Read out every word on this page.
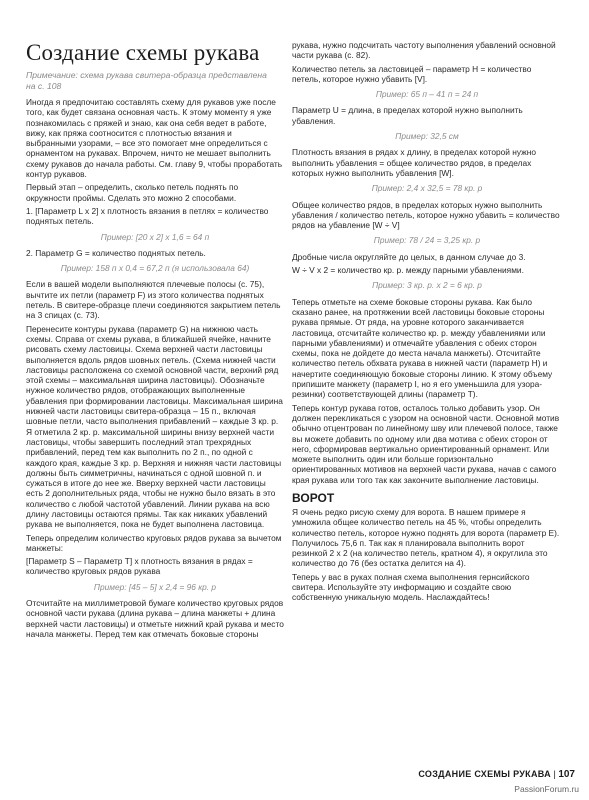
Создание схемы рукава
Примечание: схема рукава свитера-образца представлена на с. 108

Иногда я предпочитаю составлять схему для рукавов уже после того, как будет связана основная часть. К этому моменту я уже познакомилась с пряжей и знаю, как она себя ведет в работе, вижу, как пряжа соотносится с плотностью вязания и выбранными узорами, – все это помогает мне определиться с орнаментом на рукавах. Впрочем, ничто не мешает выполнить схему рукавов до начала работы. См. главу 9, чтобы проработать контур рукавов.

Первый этап – определить, сколько петель поднять по окружности проймы. Сделать это можно 2 способами.

1. [Параметр L x 2] x плотность вязания в петлях = количество поднятых петель.

Пример: [20 x 2] x 1,6 = 64 п

2. Параметр G = количество поднятых петель.

Пример: 158 п x 0,4 = 67,2 п (я использовала 64)

Если в вашей модели выполняются плечевые полосы (с. 75), вычтите их петли (параметр F) из этого количества поднятых петель. В свитере-образце плечи соединяются закрытием петель на 3 спицах (с. 73).

Перенесите контуры рукава (параметр G) на нижнюю часть схемы. Справа от схемы рукава, в ближайшей ячейке, начните рисовать схему ластовицы. Схема верхней части ластовицы выполняется вдоль рядов шовных петель. (Схема нижней части ластовицы расположена со схемой основной части, верхний ряд этой схемы – максимальная ширина ластовицы). Обозначьте нужное количество рядов, отображающих выполненные убавления при формировании ластовицы. Максимальная ширина нижней части ластовицы свитера-образца – 15 п., включая шовные петли, часто выполнения прибавлений – каждые 3 кр. р. Я отметила 2 кр. р. максимальной ширины внизу верхней части ластовицы, чтобы завершить последний этап трехрядных прибавлений, перед тем как выполнить по 2 п., по одной с каждого края, каждые 3 кр. р. Верхняя и нижняя части ластовицы должны быть симметричны, начинаться с одной шовной п. и сужаться в итоге до нее же. Вверху верхней части ластовицы есть 2 дополнительных ряда, чтобы не нужно было вязать в это количество с любой частотой убавлений. Линии рукава на всю длину ластовицы остаются прямы. Так как никаких убавлений рукава не выполняется, пока не будет выполнена ластовица.

Теперь определим количество круговых рядов рукава за вычетом манжеты:

[Параметр S – Параметр T] x плотность вязания в рядах = количество круговых рядов рукава

Пример: [45 – 5] x 2,4 = 96 кр. р

Отсчитайте на миллиметровой бумаге количество круговых рядов основной части рукава (длина рукава – длина манжеты + длина верхней части ластовицы) и отметьте нижний край рукава и место начала манжеты. Перед тем как отмечать боковые стороны

рукава, нужно подсчитать частоту выполнения убавлений основной части рукава (с. 82).

Количество петель за ластовицей – параметр H = количество петель, которое нужно убавить [V].

Пример: 65 п – 41 п = 24 п

Параметр U = длина, в пределах которой нужно выполнить убавления.

Пример: 32,5 см

Плотность вязания в рядах x длину, в пределах которой нужно выполнить убавления = общее количество рядов, в пределах которых нужно выполнить убавления [W].

Пример: 2,4 x 32,5 = 78 кр. р

Общее количество рядов, в пределах которых нужно выполнить убавления / количество петель, которое нужно убавить = количество рядов на убавление [W ÷ V]

Пример: 78 / 24 = 3,25 кр. р

Дробные числа округляйте до целых, в данном случае до 3.

W ÷ V x 2 = количество кр. р. между парными убавлениями.

Пример: 3 кр. р. x 2 = 6 кр. р

Теперь отметьте на схеме боковые стороны рукава. Как было сказано ранее, на протяжении всей ластовицы боковые стороны рукава прямые. От ряда, на уровне которого заканчивается ластовица, отсчитайте количество кр. р. между убавлениями или парными убавлениями) и отмечайте убавления с обеих сторон схемы, пока не дойдете до места начала манжеты). Отсчитайте количество петель обхвата рукава в нижней части (параметр H) и начертите соединяющую боковые стороны линию. К этому объему припишите манжету (параметр I, но я его уменьшила для узора-резинки) соответствующей длины (параметр T).

Теперь контур рукава готов, осталось только добавить узор. Он должен перекликаться с узором на основной части. Основной мотив обычно отцентрован по линейному шву или плечевой полосе, также вы можете добавить по одному или два мотива с обеих сторон от него, сформировав вертикально ориентированный орнамент. Или можете выполнить один или больше горизонтально ориентированных мотивов на верхней части рукава, начав с самого края рукава или того так как закончите выполнение ластовицы.

ВОРОТ

Я очень редко рисую схему для ворота. В нашем примере я умножила общее количество петель на 45 %, чтобы определить количество петель, которое нужно поднять для ворота (параметр E). Получилось 75,6 п. Так как я планировала выполнить ворот резинкой 2 x 2 (на количество петель, кратном 4), я округлила это количество до 76 (без остатка делится на 4).

Теперь у вас в руках полная схема выполнения гернсийского свитера. Используйте эту информацию и создайте свою собственную уникальную модель. Наслаждайтесь!

СОЗДАНИЕ СХЕМЫ РУКАВА | 107
PassionForum.ru
